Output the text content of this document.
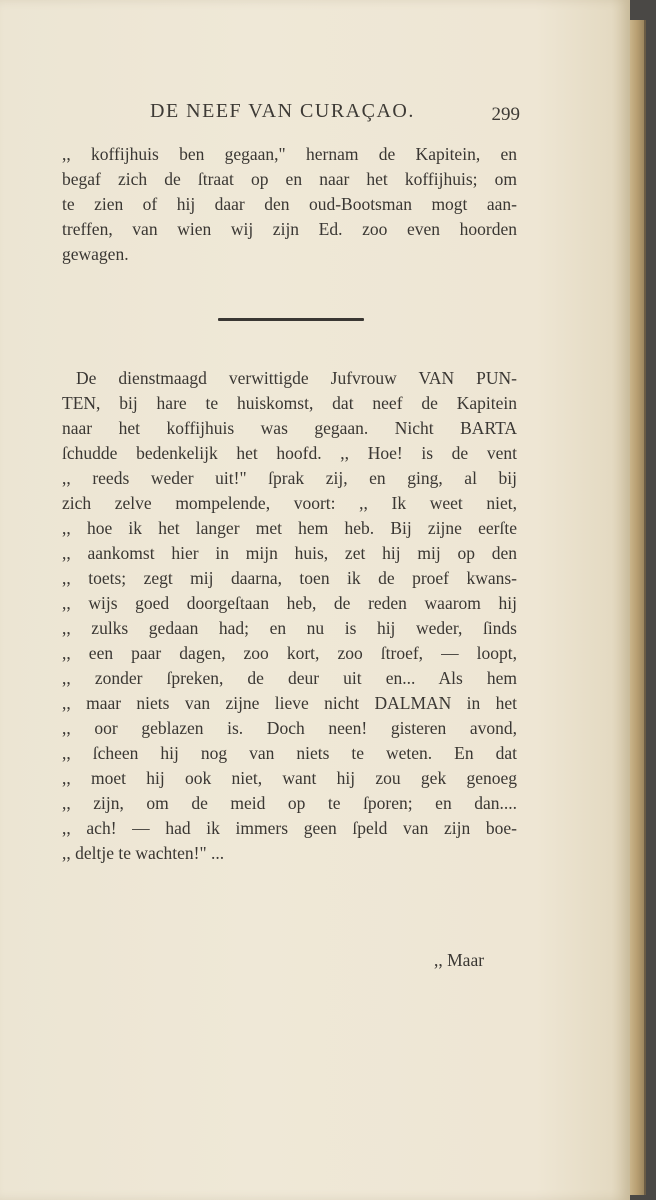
DE NEEF VAN CURAÇAO.	299
,, koffijhuis ben gegaan," hernam de Kapitein, en
begaf zich de ſtraat op en naar het koffijhuis; om
te zien of hij daar den oud-Bootsman mogt aan-
treffen, van wien wij zijn Ed. zoo even hoorden
gewagen.
De dienstmaagd verwittigde Jufvrouw VAN PUN-
TEN, bij hare te huiskomst, dat neef de Kapitein
naar het koffijhuis was gegaan. Nicht BARTA
ſchudde bedenkelijk het hoofd. ,, Hoe! is de vent
,, reeds weder uit!" ſprak zij, en ging, al bij
zich zelve mompelende, voort: ,, Ik weet niet,
,, hoe ik het langer met hem heb. Bij zijne eerſte
,, aankomst hier in mijn huis, zet hij mij op den
,, toets; zegt mij daarna, toen ik de proef kwans-
,, wijs goed doorgeſtaan heb, de reden waarom hij
,, zulks gedaan had; en nu is hij weder, ſinds
,, een paar dagen, zoo kort, zoo ſtroef, — loopt,
,, zonder ſpreken, de deur uit en... Als hem
,, maar niets van zijne lieve nicht DALMAN in het
,, oor geblazen is. Doch neen! gisteren avond,
,, ſcheen hij nog van niets te weten. En dat
,, moet hij ook niet, want hij zou gek genoeg
,, zijn, om de meid op te ſporen; en dan....
,, ach! — had ik immers geen ſpeld van zijn boe-
,, deltje te wachten!" ...
,, Maar
